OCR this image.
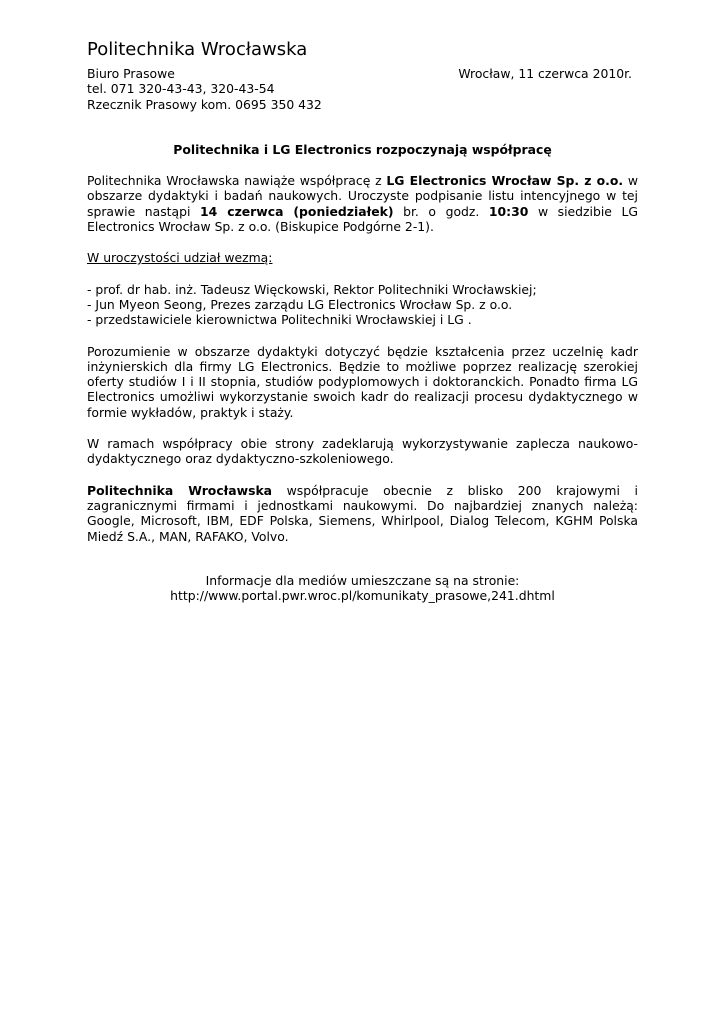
Politechnika Wrocławska
Biuro Prasowe	Wrocław, 11 czerwca 2010r.
tel. 071 320-43-43, 320-43-54
Rzecznik Prasowy kom. 0695 350 432
Politechnika i LG Electronics rozpoczynają współpracę

Politechnika Wrocławska nawiąże współpracę z LG Electronics Wrocław Sp. z o.o. w obszarze dydaktyki i badań naukowych. Uroczyste podpisanie listu intencyjnego w tej sprawie nastąpi 14 czerwca (poniedziałek) br. o godz. 10:30 w siedzibie LG Electronics Wrocław Sp. z o.o. (Biskupice Podgórne 2-1).

W uroczystości udział wezmą:
- prof. dr hab. inż. Tadeusz Więckowski, Rektor Politechniki Wrocławskiej;
- Jun Myeon Seong, Prezes zarządu LG Electronics Wrocław Sp. z o.o.
- przedstawiciele kierownictwa Politechniki Wrocławskiej i LG .

Porozumienie w obszarze dydaktyki dotyczyć będzie kształcenia przez uczelnię kadr inżynierskich dla firmy LG Electronics. Będzie to możliwe poprzez realizację szerokiej oferty studiów I i II stopnia, studiów podyplomowych i doktoranckich. Ponadto firma LG Electronics umożliwi wykorzystanie swoich kadr do realizacji procesu dydaktycznego w formie wykładów, praktyk i staży.

W ramach współpracy obie strony zadeklarują wykorzystywanie zaplecza naukowo-dydaktycznego oraz dydaktyczno-szkoleniowego.

Politechnika Wrocławska współpracuje obecnie z blisko 200 krajowymi i zagranicznymi firmami i jednostkami naukowymi. Do najbardziej znanych należą: Google, Microsoft, IBM, EDF Polska, Siemens, Whirlpool, Dialog Telecom, KGHM Polska Miedź S.A., MAN, RAFAKO, Volvo.

Informacje dla mediów umieszczane są na stronie:
http://www.portal.pwr.wroc.pl/komunikaty_prasowe,241.dhtml
